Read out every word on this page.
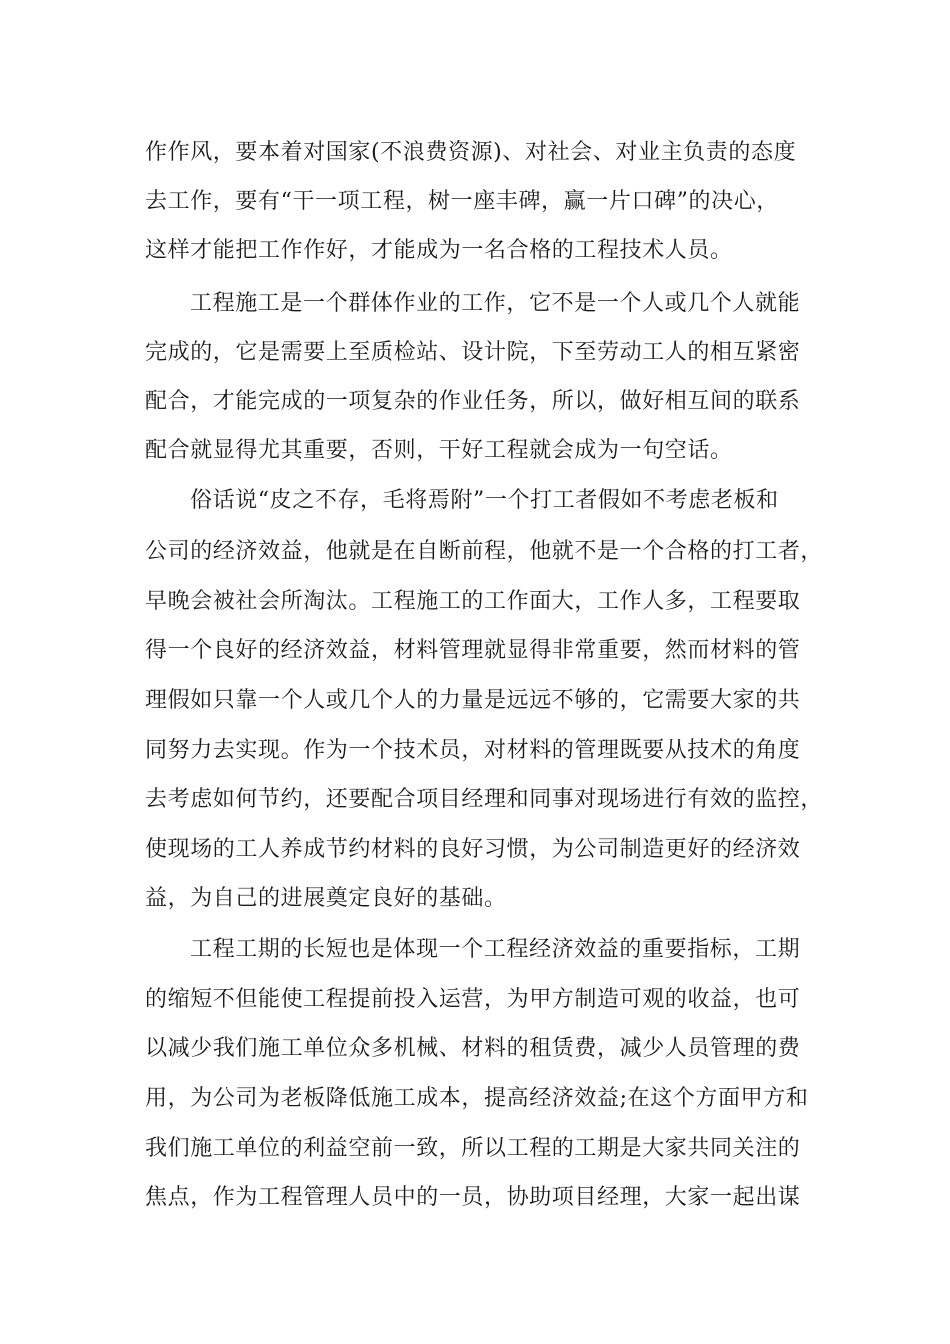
作作风，要本着对国家(不浪费资源)、对社会、对业主负责的态度
去工作，要有“干一项工程，树一座丰碑，赢一片口碑”的决心，
这样才能把工作作好，才能成为一名合格的工程技术人员。
工程施工是一个群体作业的工作，它不是一个人或几个人就能
完成的，它是需要上至质检站、设计院，下至劳动工人的相互紧密
配合，才能完成的一项复杂的作业任务，所以，做好相互间的联系
配合就显得尤其重要，否则，干好工程就会成为一句空话。
俗话说“皮之不存，毛将焉附”一个打工者假如不考虑老板和
公司的经济效益，他就是在自断前程，他就不是一个合格的打工者，
早晚会被社会所淘汰。工程施工的工作面大，工作人多，工程要取
得一个良好的经济效益，材料管理就显得非常重要，然而材料的管
理假如只靠一个人或几个人的力量是远远不够的，它需要大家的共
同努力去实现。作为一个技术员，对材料的管理既要从技术的角度
去考虑如何节约，还要配合项目经理和同事对现场进行有效的监控，
使现场的工人养成节约材料的良好习惯，为公司制造更好的经济效
益，为自己的进展奠定良好的基础。
工程工期的长短也是体现一个工程经济效益的重要指标，工期
的缩短不但能使工程提前投入运营，为甲方制造可观的收益，也可
以减少我们施工单位众多机械、材料的租赁费，减少人员管理的费
用，为公司为老板降低施工成本，提高经济效益;在这个方面甲方和
我们施工单位的利益空前一致，所以工程的工期是大家共同关注的
焦点，作为工程管理人员中的一员，协助项目经理，大家一起出谋
